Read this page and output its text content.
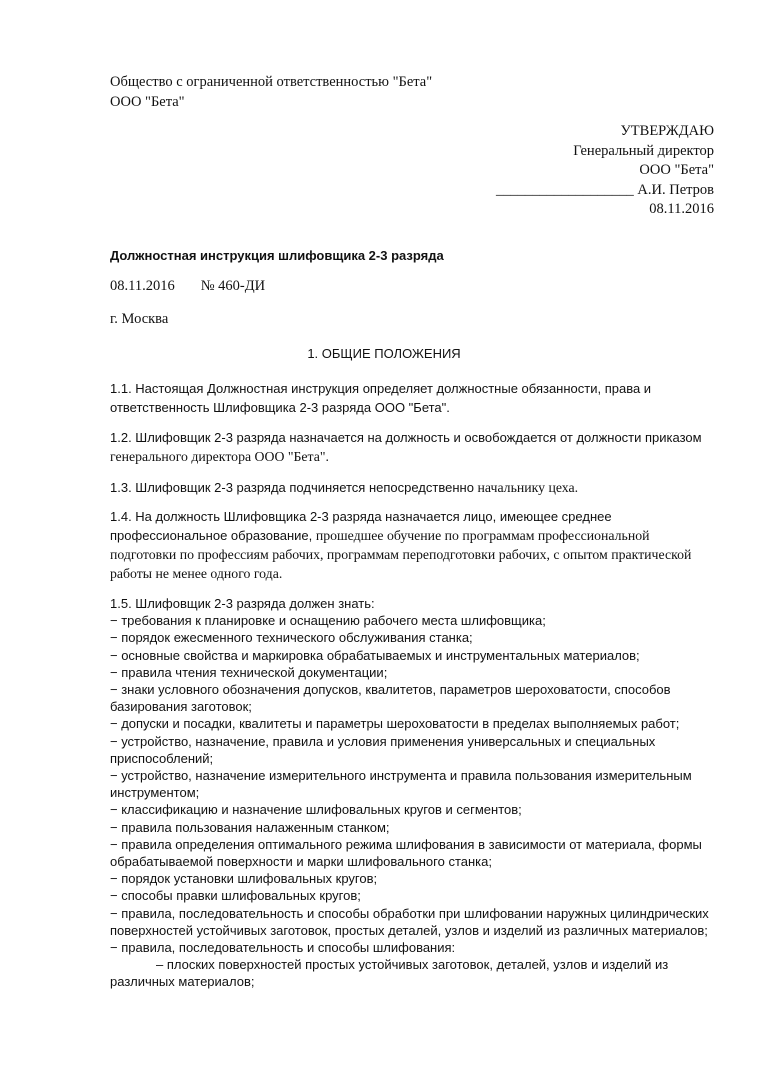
Общество с ограниченной ответственностью "Бета"
ООО "Бета"
УТВЕРЖДАЮ
Генеральный директор
ООО "Бета"
___________________ А.И. Петров
08.11.2016
Должностная инструкция шлифовщика 2-3 разряда
08.11.2016 № 460-ДИ
г. Москва
1. ОБЩИЕ ПОЛОЖЕНИЯ

1.1. Настоящая Должностная инструкция определяет должностные обязанности, права и

ответственность Шлифовщика 2-3 разряда ООО "Бета".

1.2. Шлифовщик 2-3 разряда назначается на должность и освобождается от должности приказом

генерального директора ООО "Бета".

1.3. Шлифовщик 2-3 разряда подчиняется непосредственно начальнику цеха.

1.4. На должность Шлифовщика 2-3 разряда назначается лицо, имеющее среднее

профессиональное образование, прошедшее обучение по программам профессиональной

подготовки по профессиям рабочих, программам переподготовки рабочих, с опытом практической

работы не менее одного года.

1.5. Шлифовщик 2-3 разряда должен знать:
− требования к планировке и оснащению рабочего места шлифовщика;
− порядок ежесменного технического обслуживания станка;
− основные свойства и маркировка обрабатываемых и инструментальных материалов;
− правила чтения технической документации;
− знаки условного обозначения допусков, квалитетов, параметров шероховатости, способов
базирования заготовок;
− допуски и посадки, квалитеты и параметры шероховатости в пределах выполняемых работ;
− устройство, назначение, правила и условия применения универсальных и специальных
приспособлений;
− устройство, назначение измерительного инструмента и правила пользования измерительным
инструментом;
− классификацию и назначение шлифовальных кругов и сегментов;
− правила пользования налаженным станком;
− правила определения оптимального режима шлифования в зависимости от материала, формы
обрабатываемой поверхности и марки шлифовального станка;
− порядок установки шлифовальных кругов;
− способы правки шлифовальных кругов;
− правила, последовательность и способы обработки при шлифовании наружных цилиндрических
поверхностей устойчивых заготовок, простых деталей, узлов и изделий из различных материалов;
− правила, последовательность и способы шлифования:
– плоских поверхностей простых устойчивых заготовок, деталей, узлов и изделий из
различных материалов;
